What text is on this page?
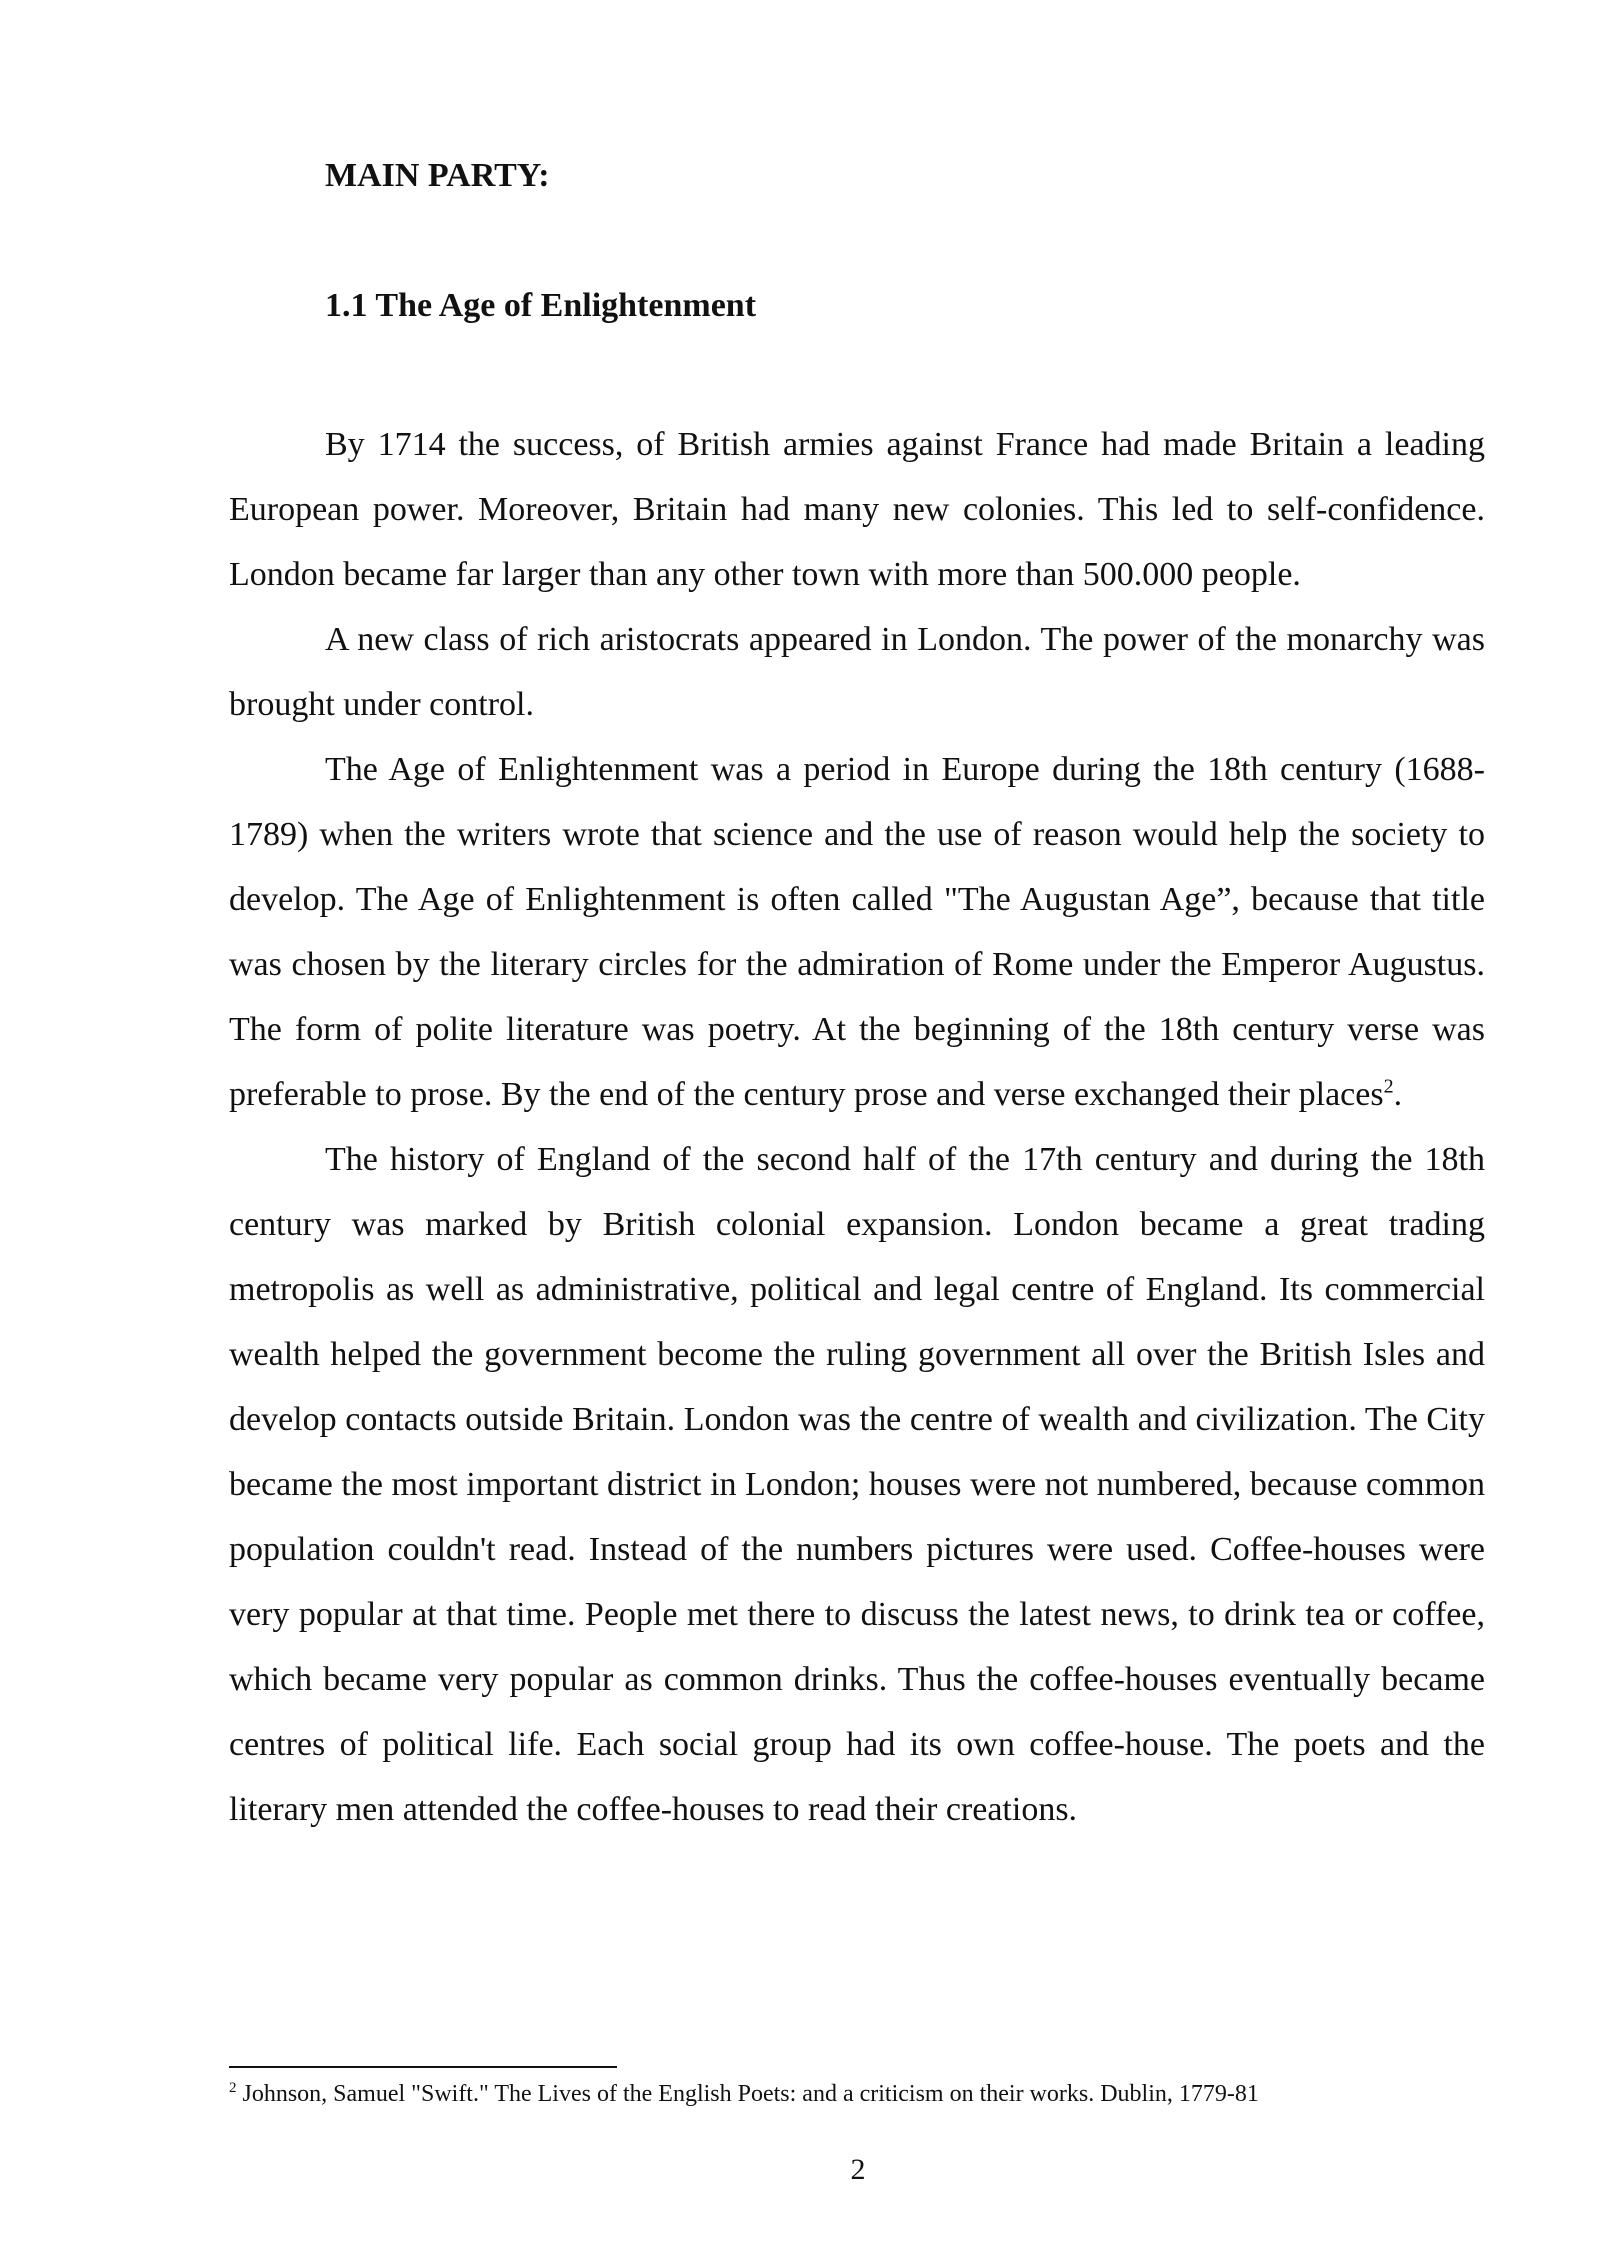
MAIN PARTY:
1.1 The Age of Enlightenment

By 1714 the success, of British armies against France had made Britain a leading European power. Moreover, Britain had many new colonies. This led to self-confidence. London became far larger than any other town with more than 500.000 people.

A new class of rich aristocrats appeared in London. The power of the monarchy was brought under control.

The Age of Enlightenment was a period in Europe during the 18th century (1688-1789) when the writers wrote that science and the use of reason would help the society to develop. The Age of Enlightenment is often called "The Augustan Age”, because that title was chosen by the literary circles for the admiration of Rome under the Emperor Augustus. The form of polite literature was poetry. At the beginning of the 18th century verse was preferable to prose. By the end of the century prose and verse exchanged their places$^2$.

The history of England of the second half of the 17th century and during the 18th century was marked by British colonial expansion. London became a great trading metropolis as well as administrative, political and legal centre of England. Its commercial wealth helped the government become the ruling government all over the British Isles and develop contacts outside Britain. London was the centre of wealth and civilization. The City became the most important district in London; houses were not numbered, because common population couldn't read. Instead of the numbers pictures were used. Coffee-houses were very popular at that time. People met there to discuss the latest news, to drink tea or coffee, which became very popular as common drinks. Thus the coffee-houses eventually became centres of political life. Each social group had its own coffee-house. The poets and the literary men attended the coffee-houses to read their creations.

$^2$ Johnson, Samuel "Swift." The Lives of the English Poets: and a criticism on their works. Dublin, 1779-81
2
